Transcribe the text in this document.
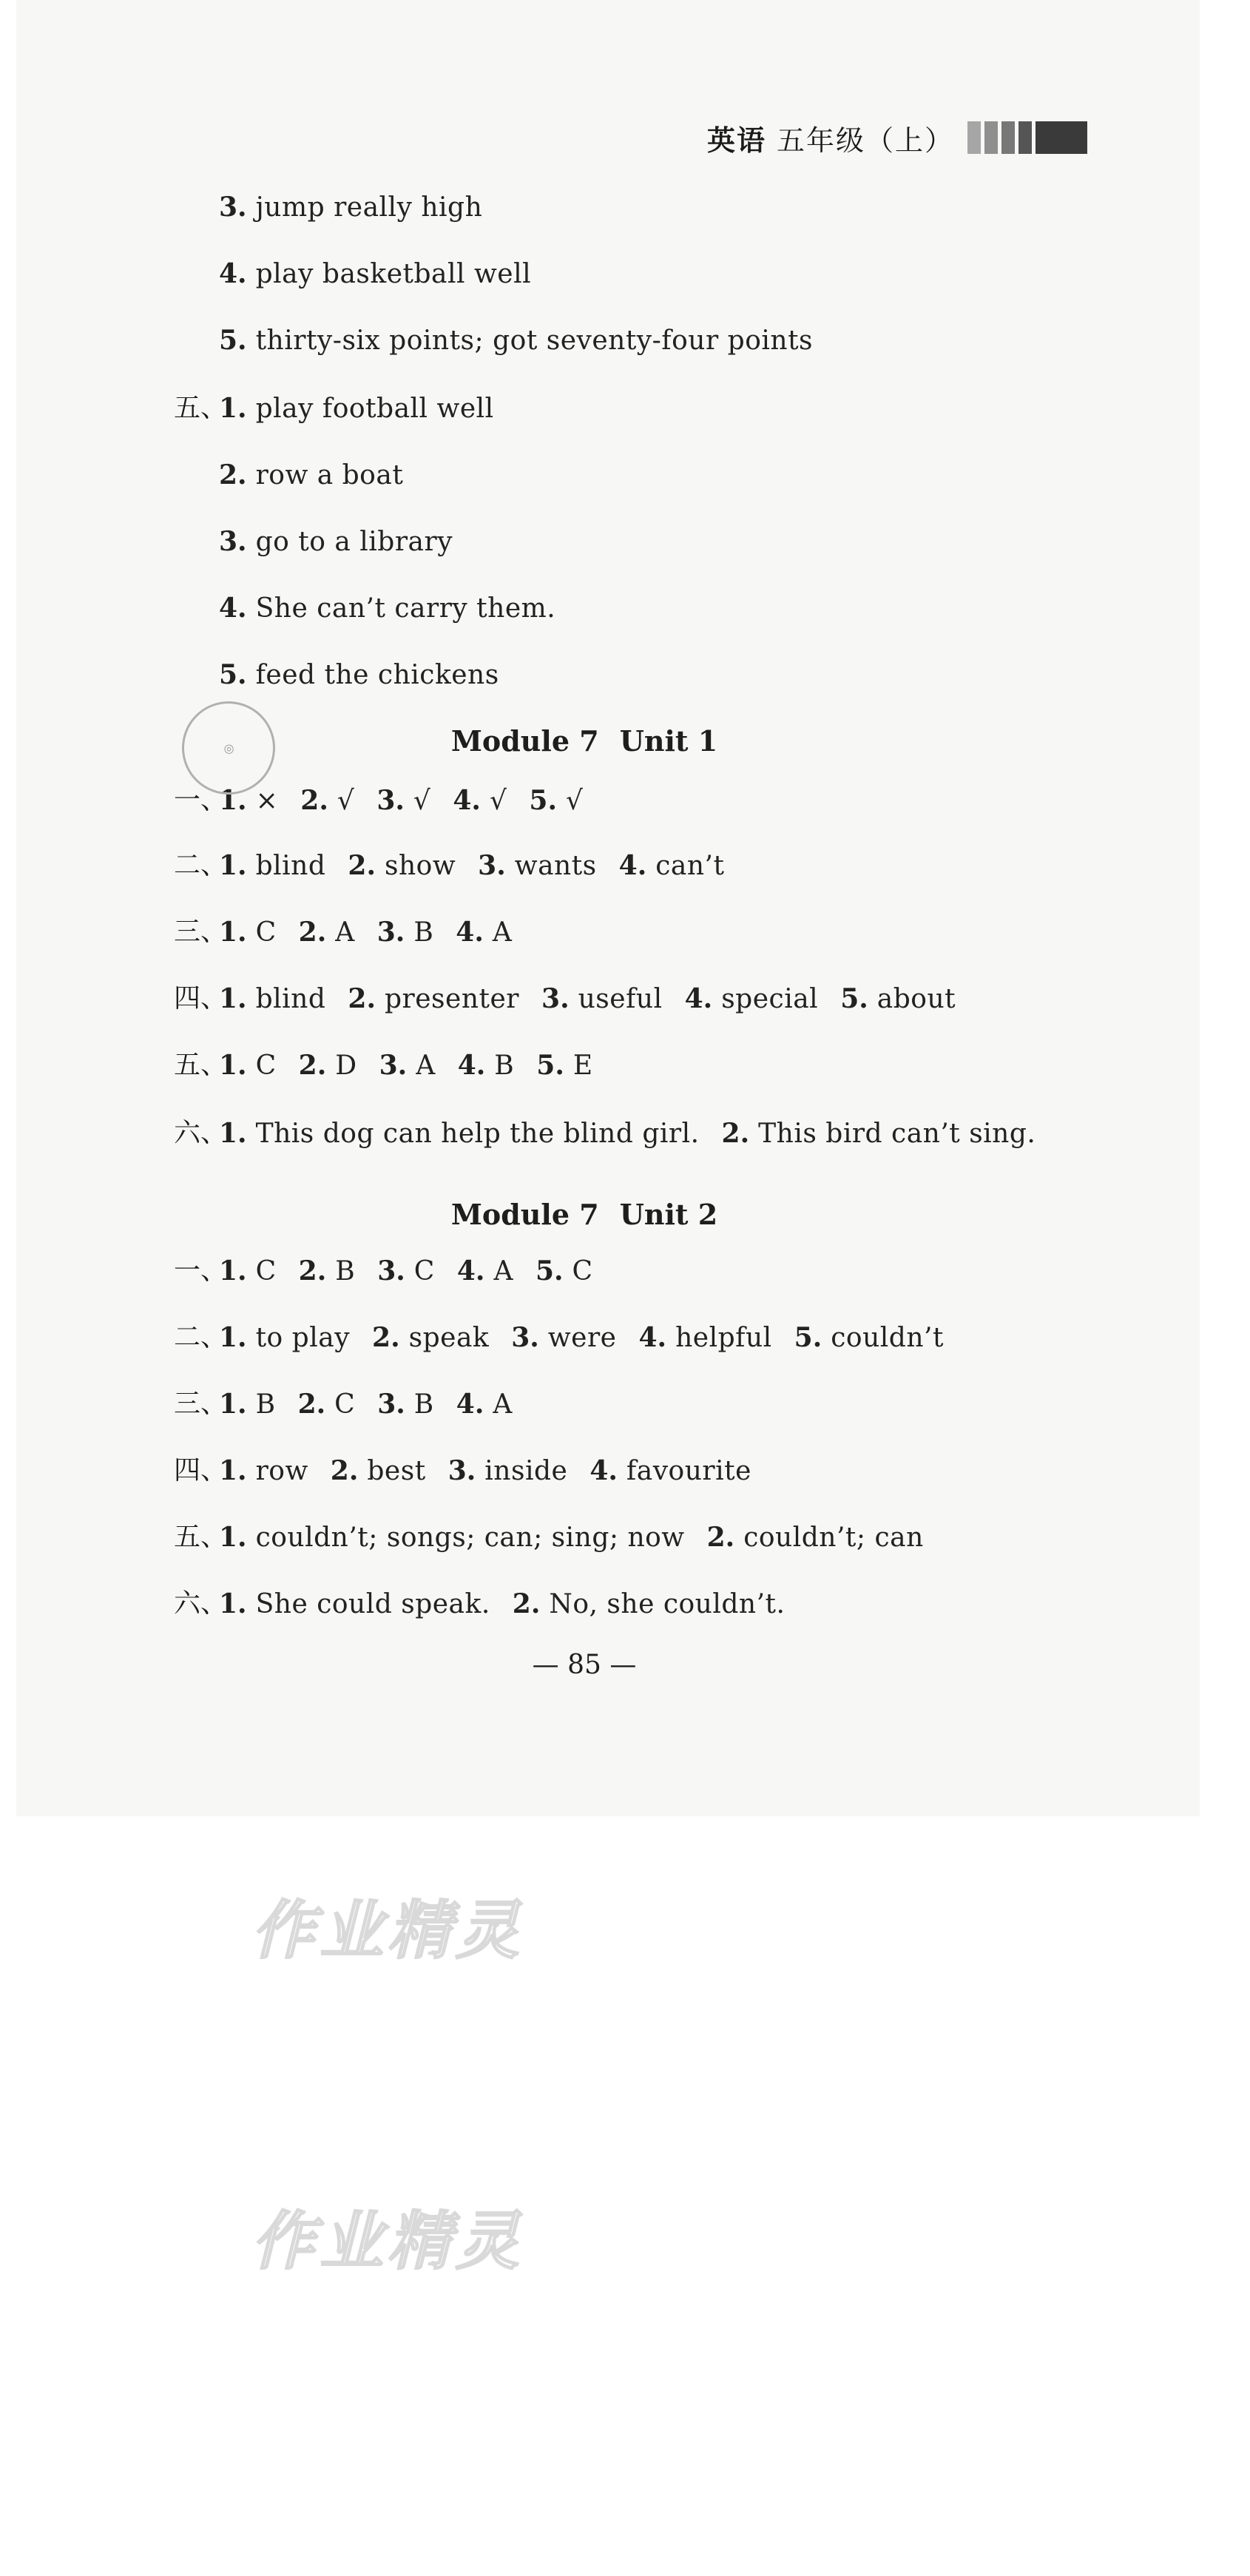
英语 五年级（上）
3. jump really high
4. play basketball well
5. thirty-six points; got seventy-four points
五、
1. play football well
2. row a boat
3. go to a library
4. She can’t carry them.
5. feed the chickens
Module 7 Unit 1
一、
1. × 2. √ 3. √ 4. √ 5. √
二、
1. blind 2. show 3. wants 4. can’t
三、
1. C 2. A 3. B 4. A
四、
1. blind 2. presenter 3. useful 4. special 5. about
五、
1. C 2. D 3. A 4. B 5. E
六、
1. This dog can help the blind girl. 2. This bird can’t sing.
Module 7 Unit 2
一、
1. C 2. B 3. C 4. A 5. C
二、
1. to play 2. speak 3. were 4. helpful 5. couldn’t
三、
1. B 2. C 3. B 4. A
四、
1. row 2. best 3. inside 4. favourite
五、
1. couldn’t; songs; can; sing; now 2. couldn’t; can
六、
1. She could speak. 2. No, she couldn’t.
— 85 —
◎
作业精灵
作业精灵
